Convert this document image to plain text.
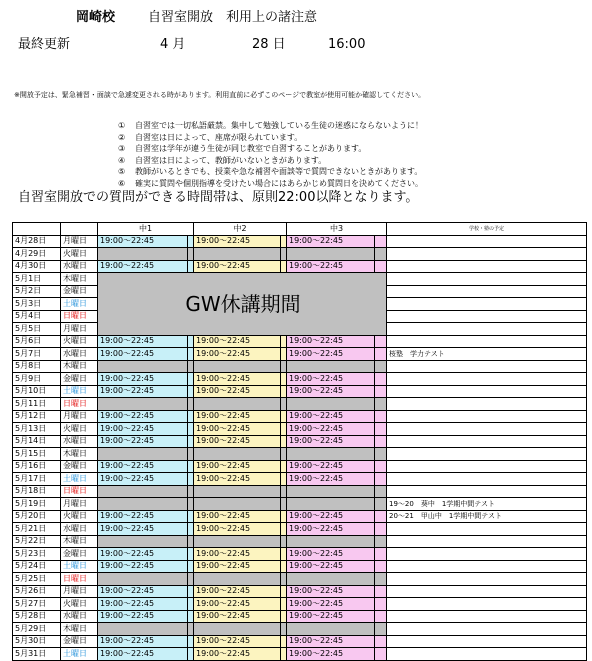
岡崎校	自習室開放　利用上の諸注意
最終更新	4 月	28 日	16:00
※開放予定は、緊急補習・面談で急遽変更される時があります。利用直前に必ずこのページで教室が使用可能か確認してください。
① 自習室では一切私語厳禁。集中して勉強している生徒の迷惑にならないように！
② 自習室は日によって、座席が限られています。
③ 自習室は学年が違う生徒が同じ教室で自習することがあります。
④ 自習室は日によって、教師がいないときがあります。
⑤ 教師がいるときでも、授業や急な補習や面談等で質問できないときがあります。
⑥ 確実に質問や個別指導を受けたい場合にはあらかじめ質問日を決めてください。
自習室開放での質問ができる時間帯は、原則22:00以降となります。
		中1		中2		中3		学校・塾の予定
4月28日	月曜日	19:00～22:45		19:00～22:45		19:00～22:45		
4月29日	火曜日							
4月30日	水曜日	19:00～22:45		19:00～22:45		19:00～22:45		
5月1日	木曜日	GW休講期間						
5月2日	金曜日							
5月3日	土曜日							
5月4日	日曜日							
5月5日	月曜日							
5月6日	火曜日	19:00～22:45		19:00～22:45		19:00～22:45		
5月7日	水曜日	19:00～22:45		19:00～22:45		19:00～22:45		桜塾　学力テスト
5月8日	木曜日							
5月9日	金曜日	19:00～22:45		19:00～22:45		19:00～22:45		
5月10日	土曜日	19:00～22:45		19:00～22:45		19:00～22:45		
5月11日	日曜日							
5月12日	月曜日	19:00～22:45		19:00～22:45		19:00～22:45		
5月13日	火曜日	19:00～22:45		19:00～22:45		19:00～22:45		
5月14日	水曜日	19:00～22:45		19:00～22:45		19:00～22:45		
5月15日	木曜日							
5月16日	金曜日	19:00～22:45		19:00～22:45		19:00～22:45		
5月17日	土曜日	19:00～22:45		19:00～22:45		19:00～22:45		
5月18日	日曜日							
5月19日	月曜日							19～20　葵中　1学期中間テスト
5月20日	火曜日	19:00～22:45		19:00～22:45		19:00～22:45		20～21　甲山中　1学期中間テスト
5月21日	水曜日	19:00～22:45		19:00～22:45		19:00～22:45		
5月22日	木曜日							
5月23日	金曜日	19:00～22:45		19:00～22:45		19:00～22:45		
5月24日	土曜日	19:00～22:45		19:00～22:45		19:00～22:45		
5月25日	日曜日							
5月26日	月曜日	19:00～22:45		19:00～22:45		19:00～22:45		
5月27日	火曜日	19:00～22:45		19:00～22:45		19:00～22:45		
5月28日	水曜日	19:00～22:45		19:00～22:45		19:00～22:45		
5月29日	木曜日							
5月30日	金曜日	19:00～22:45		19:00～22:45		19:00～22:45		
5月31日	土曜日	19:00～22:45		19:00～22:45		19:00～22:45		
